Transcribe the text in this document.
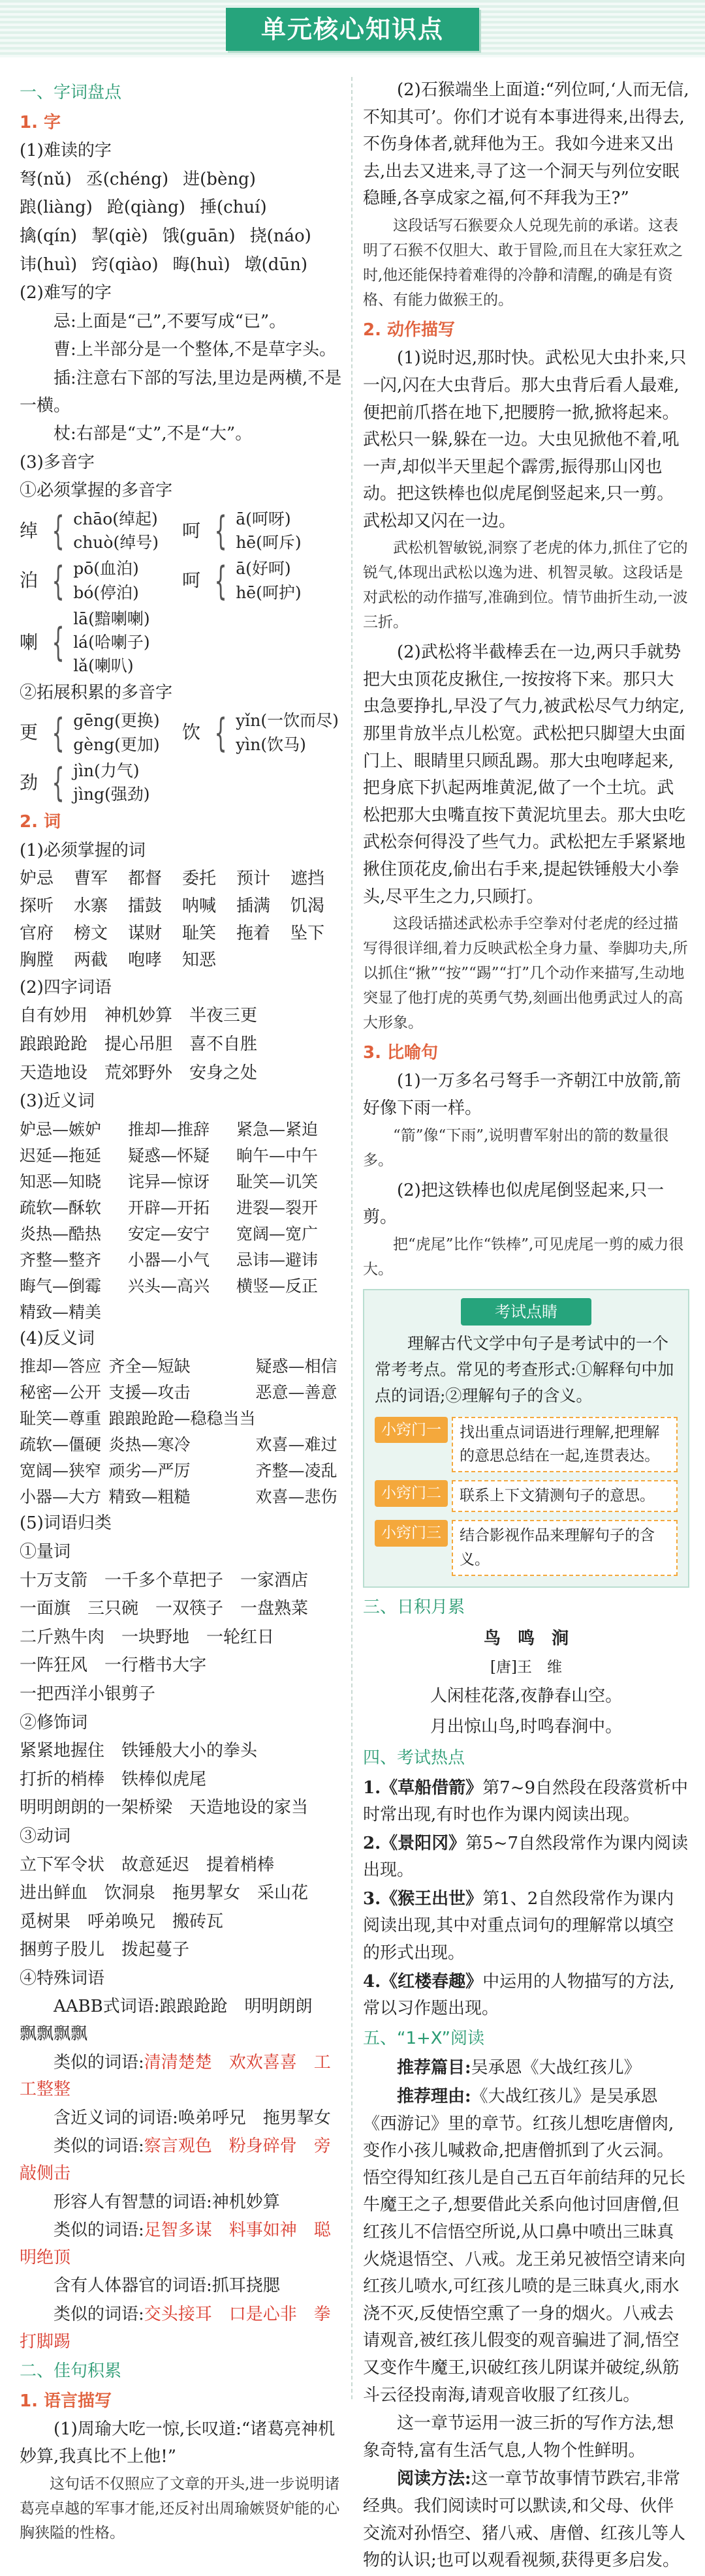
单元核心知识点
一、字词盘点
1. 字
(1)难读的字
弩(nǔ) 丞(chéng) 进(bèng)
踉(liàng) 跄(qiàng) 捶(chuí)
擒(qín) 挈(qiè) 饿(guān) 挠(náo)
讳(huì) 窍(qiào) 晦(huì) 墩(dūn)
(2)难写的字
忌:上面是“己”,不要写成“已”。
曹:上半部分是一个整体,不是草字头。
插:注意右下部的写法,里边是两横,不是一横。
杖:右部是“丈”,不是“大”。
(3)多音字
①必须掌握的多音字
绰 { chāo(绰起)
chuò(绰号)
呵 { ā(呵呀)
hē(呵斥)
泊 { pō(血泊)
bó(停泊)
呵 { ā(好呵)
hē(呵护)
喇 {
lā(黯喇喇)
lá(哈喇子)
lǎ(喇叭)
②拓展积累的多音字
更 { gēng(更换)
gèng(更加)
饮 { yǐn(一饮而尽)
yìn(饮马)
劲 { jìn(力气)
jìng(强劲)
2. 词
(1)必须掌握的词
妒忌	曹军	都督	委托	预计	遮挡
探听	水寨	擂鼓	呐喊	插满	饥渴
官府	榜文	谋财	耻笑	拖着	坠下
胸膛	两截	咆哮	知恶
(2)四字词语
自有妙用　神机妙算　半夜三更
踉踉跄跄　提心吊胆　喜不自胜
天造地设　荒郊野外　安身之处
(3)近义词
妒忌—嫉妒	推却—推辞	紧急—紧迫
迟延—拖延	疑惑—怀疑	晌午—中午
知恶—知晓	诧异—惊讶	耻笑—讥笑
疏软—酥软	开辟—开拓	进裂—裂开
炎热—酷热	安定—安宁	宽阔—宽广
齐整—整齐	小器—小气	忌讳—避讳
晦气—倒霉	兴头—高兴	横竖—反正
精致—精美
(4)反义词
推却—答应 齐全—短缺	疑惑—相信
秘密—公开 支援—攻击	恶意—善意
耻笑—尊重 踉踉跄跄—稳稳当当
疏软—僵硬 炎热—寒冷	欢喜—难过
宽阔—狭窄 顽劣—严厉	齐整—凌乱
小器—大方 精致—粗糙	欢喜—悲伤
(5)词语归类
①量词
十万支箭　一千多个草把子　一家酒店
一面旗　三只碗　一双筷子　一盘熟菜
二斤熟牛肉　一块野地　一轮红日
一阵狂风　一行楷书大字
一把西洋小银剪子
②修饰词
紧紧地握住　铁锤般大小的拳头
打折的梢棒　铁棒似虎尾
明明朗朗的一架桥梁　天造地设的家当
③动词
立下军令状　故意延迟　提着梢棒
进出鲜血　饮洞泉　拖男挈女　采山花
觅树果　呼弟唤兄　搬砖瓦
捆剪子股儿　拨起蔓子
④特殊词语
AABB式词语:踉踉跄跄　明明朗朗　飘飘飘飘
类似的词语:清清楚楚　欢欢喜喜　工工整整
含近义词的词语:唤弟呼兄　拖男挈女
类似的词语:察言观色　粉身碎骨　旁敲侧击
形容人有智慧的词语:神机妙算
类似的词语:足智多谋　料事如神　聪明绝顶
含有人体器官的词语:抓耳挠腮
类似的词语:交头接耳　口是心非　拳打脚踢
二、佳句积累
1. 语言描写
(1)周瑜大吃一惊,长叹道:“诸葛亮神机妙算,我真比不上他!”
这句话不仅照应了文章的开头,进一步说明诸葛亮卓越的军事才能,还反衬出周瑜嫉贤妒能的心胸狭隘的性格。
(2)石猴端坐上面道:“列位呵,‘人而无信,不知其可’。你们才说有本事进得来,出得去,不伤身体者,就拜他为王。我如今进来又出去,出去又进来,寻了这一个洞天与列位安眠稳睡,各享成家之福,何不拜我为王?”
这段话写石猴要众人兑现先前的承诺。这表明了石猴不仅胆大、敢于冒险,而且在大家狂欢之时,他还能保持着难得的冷静和清醒,的确是有资格、有能力做猴王的。
2. 动作描写
(1)说时迟,那时快。武松见大虫扑来,只一闪,闪在大虫背后。那大虫背后看人最难,便把前爪搭在地下,把腰胯一掀,掀将起来。武松只一躲,躲在一边。大虫见掀他不着,吼一声,却似半天里起个霹雳,振得那山冈也动。把这铁棒也似虎尾倒竖起来,只一剪。武松却又闪在一边。
武松机智敏锐,洞察了老虎的体力,抓住了它的锐气,体现出武松以逸为进、机智灵敏。这段话是对武松的动作描写,准确到位。情节曲折生动,一波三折。
(2)武松将半截棒丢在一边,两只手就势把大虫顶花皮揪住,一按按将下来。那只大虫急要挣扎,早没了气力,被武松尽气力纳定,那里肯放半点儿松宽。武松把只脚望大虫面门上、眼睛里只顾乱踢。那大虫咆哮起来,把身底下扒起两堆黄泥,做了一个土坑。武松把那大虫嘴直按下黄泥坑里去。那大虫吃武松奈何得没了些气力。武松把左手紧紧地揪住顶花皮,偷出右手来,提起铁锤般大小拳头,尽平生之力,只顾打。
这段话描述武松赤手空拳对付老虎的经过描写得很详细,着力反映武松全身力量、拳脚功夫,所以抓住“揪”“按”“踢”“打”几个动作来描写,生动地突显了他打虎的英勇气势,刻画出他勇武过人的高大形象。
3. 比喻句
(1)一万多名弓弩手一齐朝江中放箭,箭好像下雨一样。
“箭”像“下雨”,说明曹军射出的箭的数量很多。
(2)把这铁棒也似虎尾倒竖起来,只一剪。
把“虎尾”比作“铁棒”,可见虎尾一剪的威力很大。
考试点睛
理解古代文学中句子是考试中的一个常考考点。常见的考查形式:①解释句中加点的词语;②理解句子的含义。
小窍门一	找出重点词语进行理解,把理解的意思总结在一起,连贯表达。
小窍门二	联系上下文猜测句子的意思。
小窍门三	结合影视作品来理解句子的含义。
三、日积月累
鸟　鸣　涧
[唐]王　维
人闲桂花落,夜静春山空。
月出惊山鸟,时鸣春涧中。
四、考试热点
1.《草船借箭》第7~9自然段在段落赏析中时常出现,有时也作为课内阅读出现。
2.《景阳冈》第5~7自然段常作为课内阅读出现。
3.《猴王出世》第1、2自然段常作为课内阅读出现,其中对重点词句的理解常以填空的形式出现。
4.《红楼春趣》中运用的人物描写的方法,常以习作题出现。
五、“1+X”阅读
推荐篇目:吴承恩《大战红孩儿》
推荐理由:《大战红孩儿》是吴承恩《西游记》里的章节。红孩儿想吃唐僧肉,变作小孩儿喊救命,把唐僧抓到了火云洞。悟空得知红孩儿是自己五百年前结拜的兄长牛魔王之子,想要借此关系向他讨回唐僧,但红孩儿不信悟空所说,从口鼻中喷出三昧真火烧退悟空、八戒。龙王弟兄被悟空请来向红孩儿喷水,可红孩儿喷的是三昧真火,雨水浇不灭,反使悟空熏了一身的烟火。八戒去请观音,被红孩儿假变的观音骗进了洞,悟空又变作牛魔王,识破红孩儿阴谋并破绽,纵筋斗云径投南海,请观音收服了红孩儿。
这一章节运用一波三折的写作方法,想象奇特,富有生活气息,人物个性鲜明。
阅读方法:这一章节故事情节跌宕,非常经典。我们阅读时可以默读,和父母、伙伴交流对孙悟空、猪八戒、唐僧、红孩儿等人物的认识;也可以观看视频,获得更多启发。
